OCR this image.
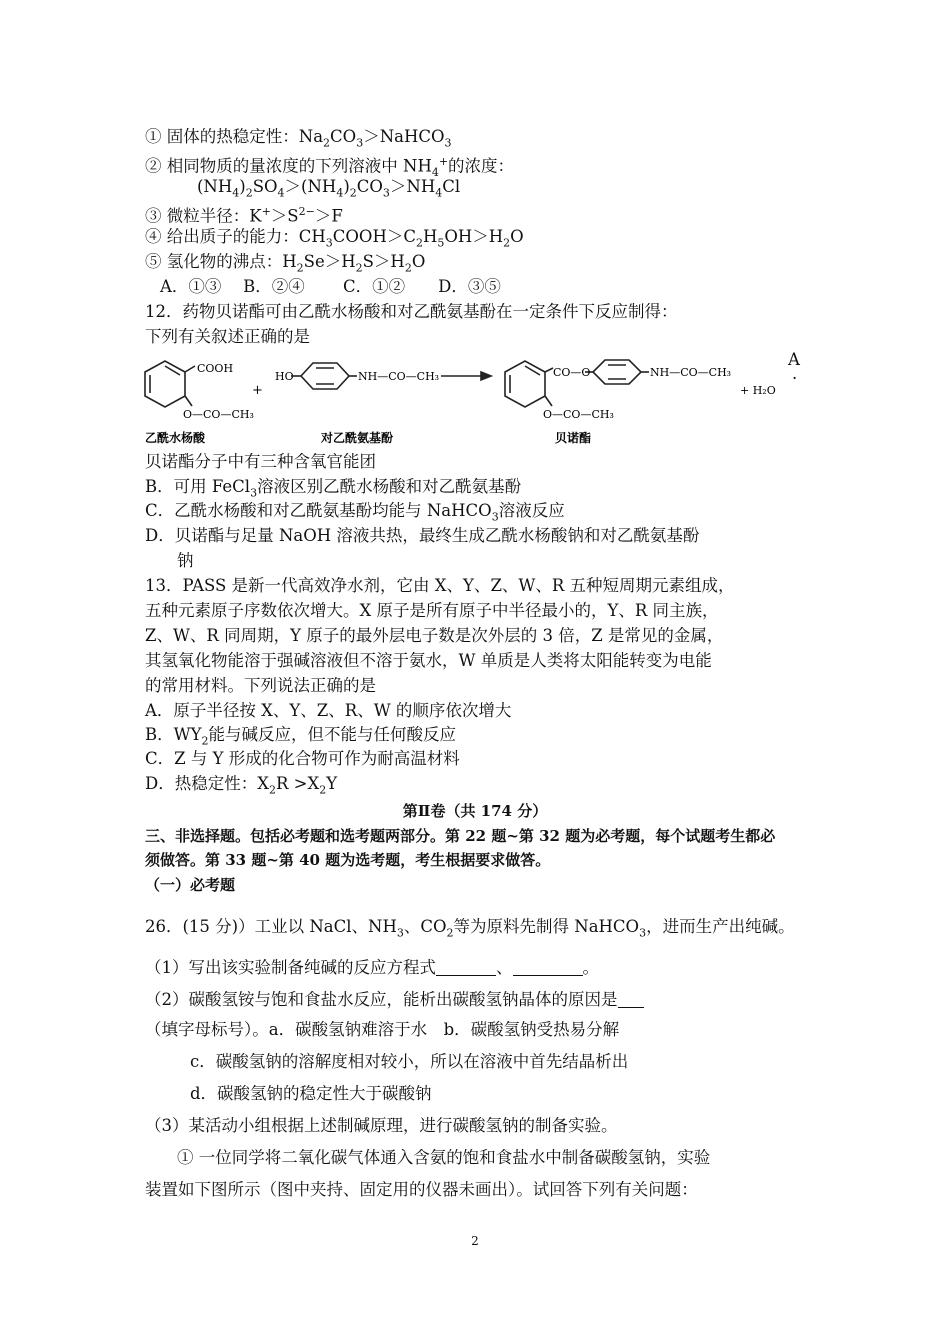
① 固体的热稳定性：$Na_2CO_3>NaHCO_3$
② 相同物质的量浓度的下列溶液中 $NH_4^+$的浓度：
$(NH_4)_2SO_4>(NH_4)_2CO_3>NH_4Cl$
③ 微粒半径：$K^+>S^{2-}>F$
④ 给出质子的能力：$CH_3COOH>C_2H_5OH>H_2O$
⑤ 氢化物的沸点：$H_2Se>H_2S>H_2O$
A．①③　 B．②④　　 C．①②　　D．③⑤
12．药物贝诺酯可由乙酰水杨酸和对乙酰氨基酚在一定条件下反应制得：
下列有关叙述正确的是
A
·
COOH
O—CO—CH₃
+
HO	NH—CO—CH₃	CO—O	NH—CO—CH₃
O—CO—CH₃
+ H₂O
乙酰水杨酸	对乙酰氨基酚	贝诺酯
贝诺酯分子中有三种含氧官能团
B．可用 FeCl$_3$溶液区别乙酰水杨酸和对乙酰氨基酚
C．乙酰水杨酸和对乙酰氨基酚均能与 NaHCO$_3$溶液反应
D．贝诺酯与足量 NaOH 溶液共热，最终生成乙酰水杨酸钠和对乙酰氨基酚
钠
13．PASS 是新一代高效净水剂，它由 X、Y、Z、W、R 五种短周期元素组成，
五种元素原子序数依次增大。X 原子是所有原子中半径最小的，Y、R 同主族，
Z、W、R 同周期，Y 原子的最外层电子数是次外层的 3 倍，Z 是常见的金属，
其氢氧化物能溶于强碱溶液但不溶于氨水，W 单质是人类将太阳能转变为电能
的常用材料。下列说法正确的是
A．原子半径按 X、Y、Z、R、W 的顺序依次增大
B．$WY_2$能与碱反应，但不能与任何酸反应
C．Z 与 Y 形成的化合物可作为耐高温材料
D．热稳定性：$X_2R >X_2Y$
第Ⅱ卷（共 174 分）
三、非选择题。包括必考题和选考题两部分。第 22 题~第 32 题为必考题，每个试题考生都必
须做答。第 33 题~第 40 题为选考题，考生根据要求做答。
（一）必考题
26．(15 分)）工业以 NaCl、$NH_3$、$CO_2$等为原料先制得 NaHCO$_3$，进而生产出纯碱。
（1）写出该实验制备纯碱的反应方程式	、	。
（2）碳酸氢铵与饱和食盐水反应，能析出碳酸氢钠晶体的原因是
（填字母标号）。a．碳酸氢钠难溶于水　b．碳酸氢钠受热易分解
c．碳酸氢钠的溶解度相对较小，所以在溶液中首先结晶析出
d．碳酸氢钠的稳定性大于碳酸钠
（3）某活动小组根据上述制碱原理，进行碳酸氢钠的制备实验。
① 一位同学将二氧化碳气体通入含氨的饱和食盐水中制备碳酸氢钠，实验
装置如下图所示（图中夹持、固定用的仪器未画出）。试回答下列有关问题：
2
